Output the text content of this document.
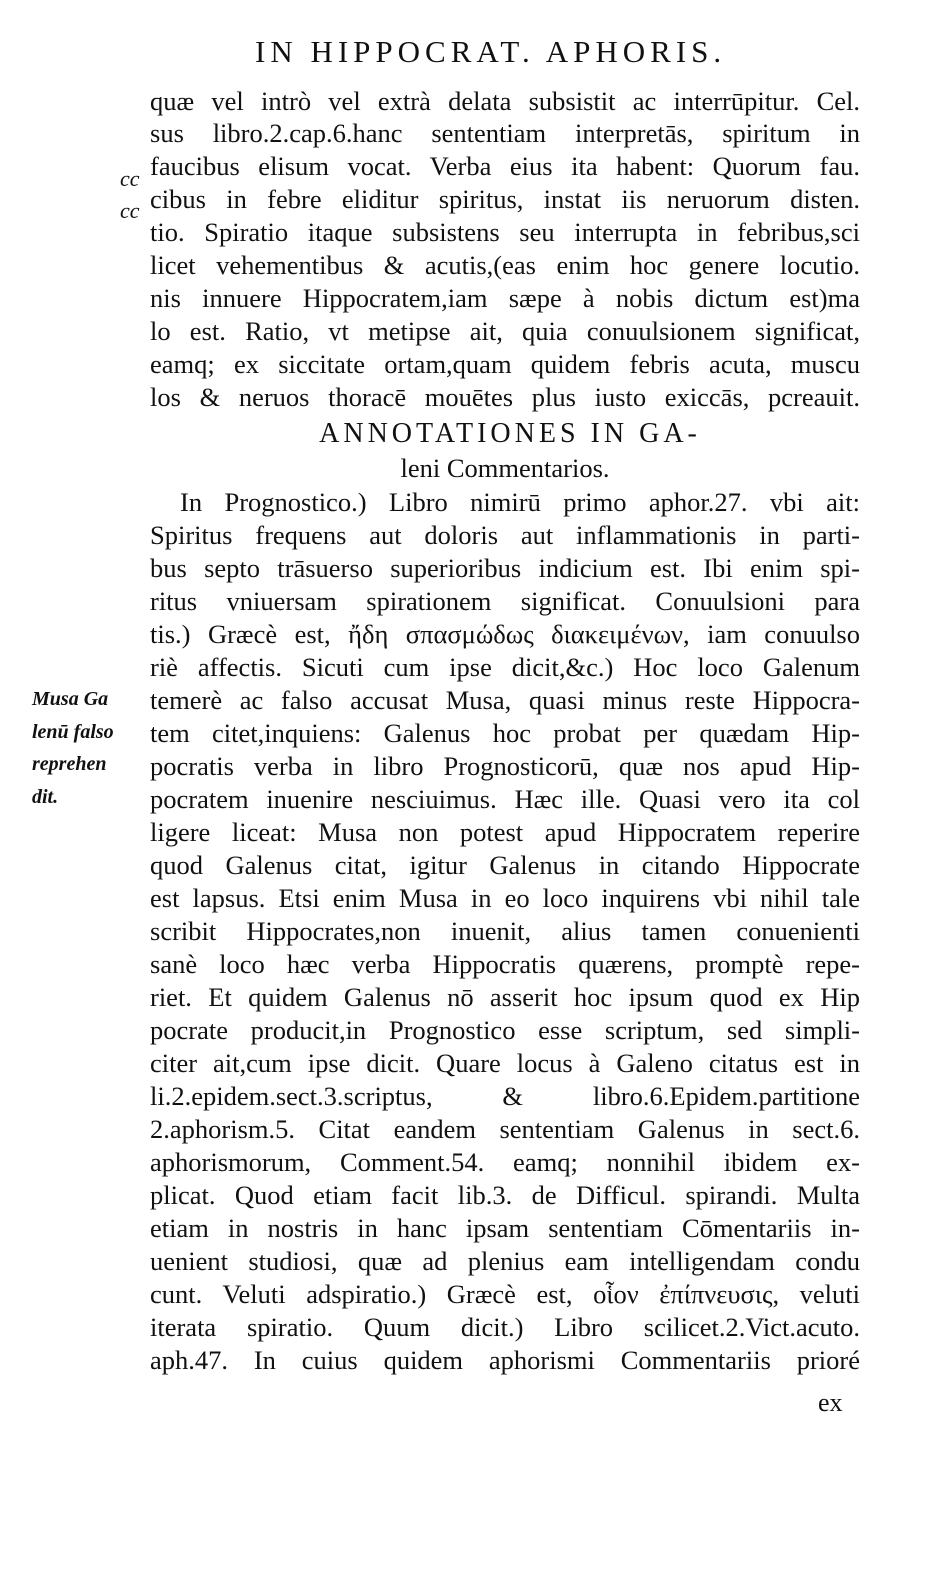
IN HIPPOCRAT. APHORIS.
cc
cc
quæ vel intrò vel extrà delata subsistit ac interrūpitur. Cel.
sus libro.2.cap.6.hanc sententiam interpretās, spiritum in
faucibus elisum vocat. Verba eius ita habent: Quorum fau.
cibus in febre eliditur spiritus, instat iis neruorum disten.
tio. Spiratio itaque subsistens seu interrupta in febribus,sci
licet vehementibus & acutis,(eas enim hoc genere locutio.
nis innuere Hippocratem,iam sæpe à nobis dictum est)ma
lo est. Ratio, vt metipse ait, quia conuulsionem significat,
eamq; ex siccitate ortam,quam quidem febris acuta, muscu
los & neruos thoracē mouētes plus iusto exiccās, pcreauit.
ANNOTATIONES IN GA-
leni Commentarios.
Musa Ga
lenū falso
reprehen
dit.
In Prognostico.) Libro nimirū primo aphor.27. vbi ait:
Spiritus frequens aut doloris aut inflammationis in parti-
bus septo trāsuerso superioribus indicium est. Ibi enim spi-
ritus vniuersam spirationem significat. Conuulsioni para
tis.) Græcè est, ἤδη σπασμώδως διακειμένων, iam conuulso
riè affectis. Sicuti cum ipse dicit,&c.) Hoc loco Galenum
temerè ac falso accusat Musa, quasi minus reste Hippocra-
tem citet,inquiens: Galenus hoc probat per quædam Hip-
pocratis verba in libro Prognosticorū, quæ nos apud Hip-
pocratem inuenire nesciuimus. Hæc ille. Quasi vero ita col
ligere liceat: Musa non potest apud Hippocratem reperire
quod Galenus citat, igitur Galenus in citando Hippocrate
est lapsus. Etsi enim Musa in eo loco inquirens vbi nihil tale
scribit Hippocrates,non inuenit, alius tamen conuenienti
sanè loco hæc verba Hippocratis quærens, promptè repe-
riet. Et quidem Galenus nō asserit hoc ipsum quod ex Hip
pocrate producit,in Prognostico esse scriptum, sed simpli-
citer ait,cum ipse dicit. Quare locus à Galeno citatus est in
li.2.epidem.sect.3.scriptus, & libro.6.Epidem.partitione
2.aphorism.5. Citat eandem sententiam Galenus in sect.6.
aphorismorum, Comment.54. eamq; nonnihil ibidem ex-
plicat. Quod etiam facit lib.3. de Difficul. spirandi. Multa
etiam in nostris in hanc ipsam sententiam Cōmentariis in-
uenient studiosi, quæ ad plenius eam intelligendam condu
cunt. Veluti adspiratio.) Græcè est, οἷον ἐπίπνευσις, veluti
iterata spiratio. Quum dicit.) Libro scilicet.2.Vict.acuto.
aph.47. In cuius quidem aphorismi Commentariis prioré
ex
